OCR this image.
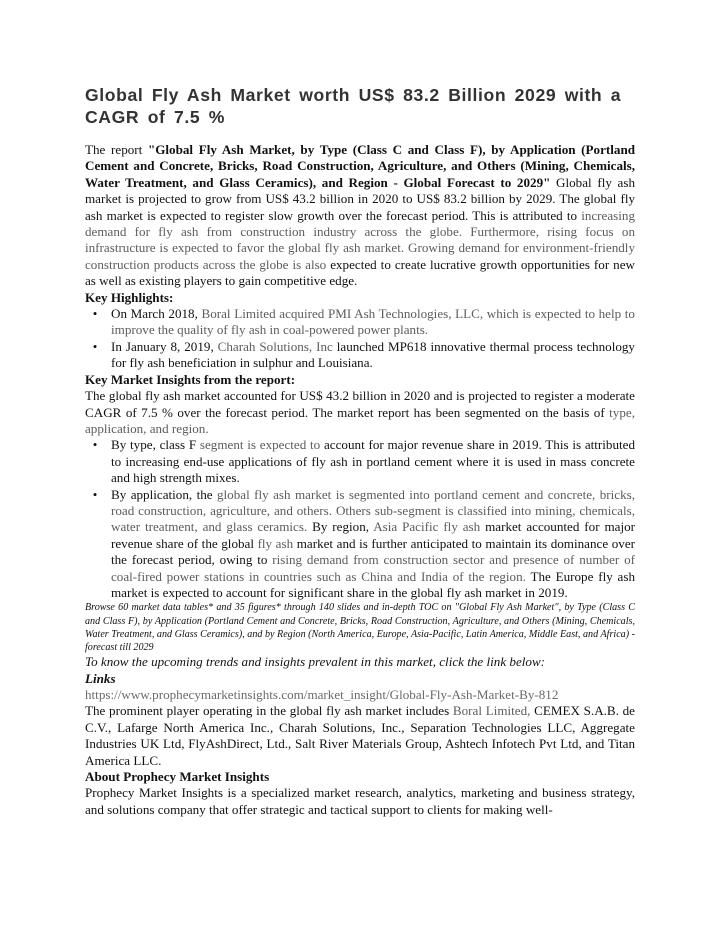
Global Fly Ash Market worth US$ 83.2 Billion 2029 with a CAGR of 7.5 %

The report "Global Fly Ash Market, by Type (Class C and Class F), by Application (Portland Cement and Concrete, Bricks, Road Construction, Agriculture, and Others (Mining, Chemicals, Water Treatment, and Glass Ceramics), and Region - Global Forecast to 2029" Global fly ash market is projected to grow from US$ 43.2 billion in 2020 to US$ 83.2 billion by 2029. The global fly ash market is expected to register slow growth over the forecast period. This is attributed to increasing demand for fly ash from construction industry across the globe. Furthermore, rising focus on infrastructure is expected to favor the global fly ash market. Growing demand for environment-friendly construction products across the globe is also expected to create lucrative growth opportunities for new as well as existing players to gain competitive edge.

Key Highlights:
• On March 2018, Boral Limited acquired PMI Ash Technologies, LLC, which is expected to help to improve the quality of fly ash in coal-powered power plants.
• In January 8, 2019, Charah Solutions, Inc launched MP618 innovative thermal process technology for fly ash beneficiation in sulphur and Louisiana.
Key Market Insights from the report:

The global fly ash market accounted for US$ 43.2 billion in 2020 and is projected to register a moderate CAGR of 7.5 % over the forecast period. The market report has been segmented on the basis of type, application, and region.

• By type, class F segment is expected to account for major revenue share in 2019. This is attributed to increasing end-use applications of fly ash in portland cement where it is used in mass concrete and high strength mixes.
• By application, the global fly ash market is segmented into portland cement and concrete, bricks, road construction, agriculture, and others. Others sub-segment is classified into mining, chemicals, water treatment, and glass ceramics. By region, Asia Pacific fly ash market accounted for major revenue share of the global fly ash market and is further anticipated to maintain its dominance over the forecast period, owing to rising demand from construction sector and presence of number of coal-fired power stations in countries such as China and India of the region. The Europe fly ash market is expected to account for significant share in the global fly ash market in 2019.

Browse 60 market data tables* and 35 figures* through 140 slides and in-depth TOC on "Global Fly Ash Market", by Type (Class C and Class F), by Application (Portland Cement and Concrete, Bricks, Road Construction, Agriculture, and Others (Mining, Chemicals, Water Treatment, and Glass Ceramics), and by Region (North America, Europe, Asia-Pacific, Latin America, Middle East, and Africa) - forecast till 2029

To know the upcoming trends and insights prevalent in this market, click the link below:

Links

https://www.prophecymarketinsights.com/market_insight/Global-Fly-Ash-Market-By-812

The prominent player operating in the global fly ash market includes Boral Limited, CEMEX S.A.B. de C.V., Lafarge North America Inc., Charah Solutions, Inc., Separation Technologies LLC, Aggregate Industries UK Ltd, FlyAshDirect, Ltd., Salt River Materials Group, Ashtech Infotech Pvt Ltd, and Titan America LLC.

About Prophecy Market Insights

Prophecy Market Insights is a specialized market research, analytics, marketing and business strategy, and solutions company that offer strategic and tactical support to clients for making well-
